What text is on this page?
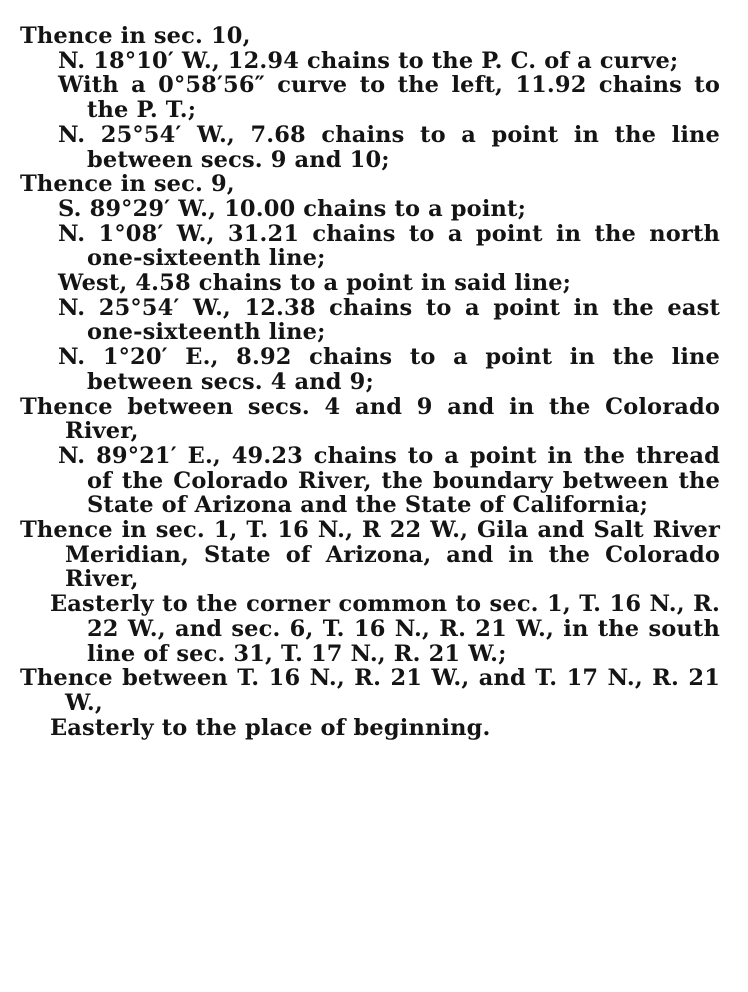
Thence in sec. 10,

N. 18°10′ W., 12.94 chains to the P. C. of a curve;

With a 0°58′56″ curve to the left, 11.92 chains to the P. T.;

N. 25°54′ W., 7.68 chains to a point in the line between secs. 9 and 10;

Thence in sec. 9,

S. 89°29′ W., 10.00 chains to a point;

N. 1°08′ W., 31.21 chains to a point in the north one-sixteenth line;

West, 4.58 chains to a point in said line;

N. 25°54′ W., 12.38 chains to a point in the east one-sixteenth line;

N. 1°20′ E., 8.92 chains to a point in the line between secs. 4 and 9;

Thence between secs. 4 and 9 and in the Colorado River,

N. 89°21′ E., 49.23 chains to a point in the thread of the Colorado River, the boundary between the State of Arizona and the State of California;

Thence in sec. 1, T. 16 N., R 22 W., Gila and Salt River Meridian, State of Arizona, and in the Colorado River,

Easterly to the corner common to sec. 1, T. 16 N., R. 22 W., and sec. 6, T. 16 N., R. 21 W., in the south line of sec. 31, T. 17 N., R. 21 W.;

Thence between T. 16 N., R. 21 W., and T. 17 N., R. 21 W.,

Easterly to the place of beginning.
